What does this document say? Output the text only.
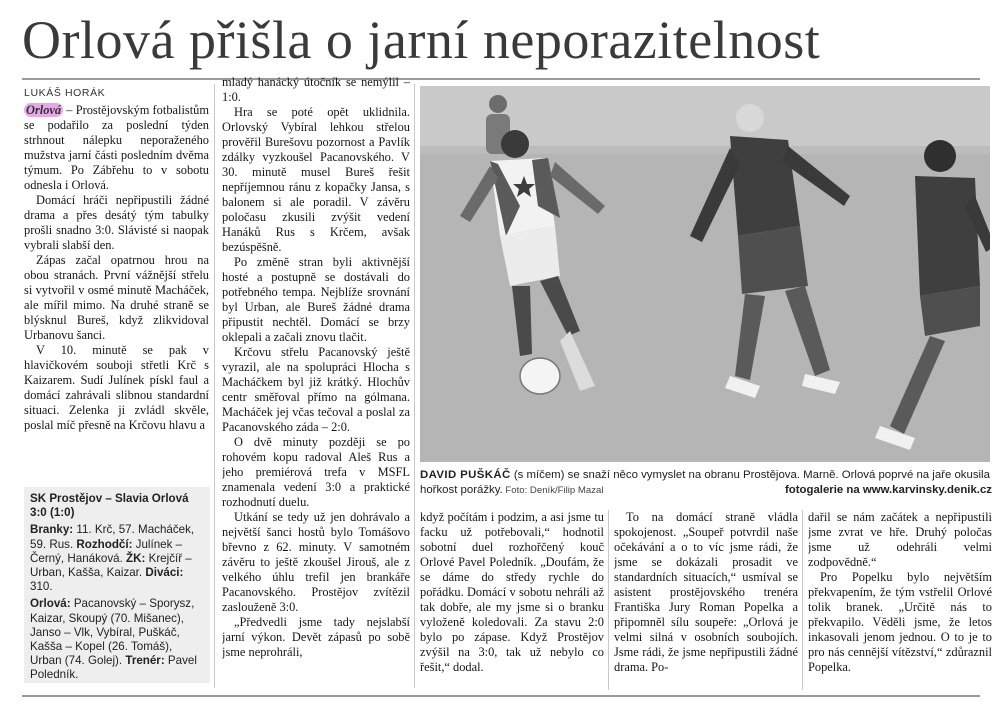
Orlová přišla o jarní neporazitelnost
LUKÁŠ HORÁK

Orlová – Prostějovským fotbalistům se podařilo za poslední týden strhnout nálepku neporaženého mužstva jarní části posledním dvěma týmum. Po Zábřehu to v sobotu odnesla i Orlová.

Domácí hráči nepřipustili žádné drama a přes desátý tým tabulky prošli snadno 3:0. Slávisté si naopak vybrali slabší den.

Zápas začal opatrnou hrou na obou stranách. První vážnější střelu si vytvořil v osmé minutě Macháček, ale mířil mimo. Na druhé straně se blýsknul Bureš, když zlikvidoval Urbanovu šanci.

V 10. minutě se pak v hlavičkovém souboji střetli Krč s Kaizarem. Sudí Julínek pískl faul a domácí zahrávali slibnou standardní situaci. Zelenka ji zvládl skvěle, poslal míč přesně na Krčovu hlavu a

SK Prostějov – Slavia Orlová 3:0 (1:0)

Branky: 11. Krč, 57. Macháček, 59. Rus. Rozhodčí: Julínek – Černý, Hanáková. ŽK: Krejčíř – Urban, Kašša, Kaizar. Diváci: 310.

Orlová: Pacanovský – Sporysz, Kaizar, Skoupý (70. Mišanec), Janso – Vlk, Vybíral, Puškáč, Kašša – Kopel (26. Tomáš), Urban (74. Golej). Trenér: Pavel Poledník.

mladý hanácký útočník se nemýlil – 1:0.

Hra se poté opět uklidnila. Orlovský Vybíral lehkou střelou prověřil Burešovu pozornost a Pavlík zdálky vyzkoušel Pacanovského. V 30. minutě musel Bureš řešit nepříjemnou ránu z kopačky Jansa, s balonem si ale poradil. V závěru poločasu zkusili zvýšit vedení Hanáků Rus s Krčem, avšak bezúspěšně.

Po změně stran byli aktivnější hosté a postupně se dostávali do potřebného tempa. Nejblíže srovnání byl Urban, ale Bureš žádné drama připustit nechtěl. Domácí se brzy oklepali a začali znovu tlačit.

Krčovu střelu Pacanovský ještě vyrazil, ale na spolupráci Hlocha s Macháčkem byl již krátký. Hlochův centr směřoval přímo na gólmana. Macháček jej včas tečoval a poslal za Pacanovského záda – 2:0.

O dvě minuty později se po rohovém kopu radoval Aleš Rus a jeho premiérová trefa v MSFL znamenala vedení 3:0 a praktické rozhodnutí duelu.

Utkání se tedy už jen dohrávalo a největší šanci hostů bylo Tomášovo břevno z 62. minuty. V samotném závěru to ještě zkoušel Jirouš, ale z velkého úhlu trefil jen brankáře Pacanovského. Prostějov zvítězil zaslouženě 3:0.

„Předvedli jsme tady nejslabší jarní výkon. Devět zápasů po sobě jsme neprohráli,

DAVID PUŠKÁČ (s míčem) se snaží něco vymyslet na obranu Prostějova. Marně. Orlová poprvé na jaře okusila hořkost porážky. Foto: Deník/Filip Mazal	fotogalerie na www.karvinsky.denik.cz

když počítám i podzim, a asi jsme tu facku už potřebovali,“ hodnotil sobotní duel rozhořčený kouč Orlové Pavel Poledník. „Doufám, že se dáme do středy rychle do pořádku. Domácí v sobotu nehráli až tak dobře, ale my jsme si o branku vyloženě koledovali. Za stavu 2:0 bylo po zápase. Když Prostějov zvýšil na 3:0, tak už nebylo co řešit,“ dodal.

To na domácí straně vládla spokojenost. „Soupeř potvrdil naše očekávání a o to víc jsme rádi, že jsme se dokázali prosadit ve standardních situacích,“ usmíval se asistent prostějovského trenéra Františka Jury Roman Popelka a připomněl sílu soupeře: „Orlová je velmi silná v osobních soubojích. Jsme rádi, že jsme nepřipustili žádné drama. Po-

dařil se nám začátek a nepřipustili jsme zvrat ve hře. Druhý poločas jsme už odehráli velmi zodpovědně.“

Pro Popelku bylo největším překvapením, že tým vstřelil Orlové tolik branek. „Určitě nás to překvapilo. Věděli jsme, že letos inkasovali jenom jednou. O to je to pro nás cennější vítězství,“ zdůraznil Popelka.
